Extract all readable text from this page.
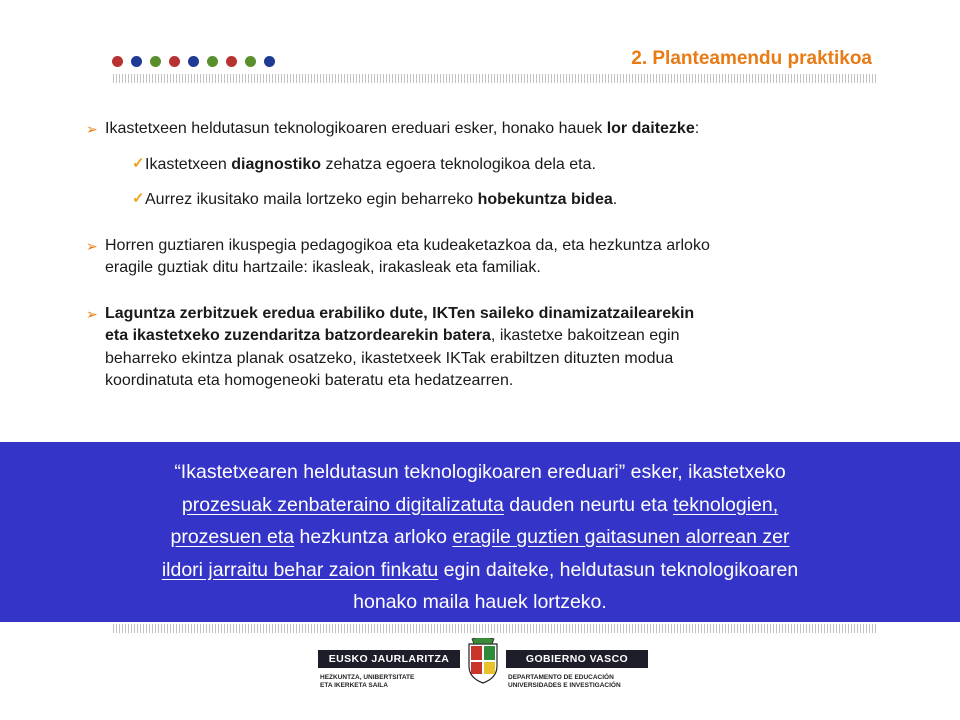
2. Planteamendu praktikoa

➢ Ikastetxeen heldutasun teknologikoaren ereduari esker, honako hauek lor daitezke:

✓ Ikastetxeen diagnostiko zehatza egoera teknologikoa dela eta.

✓ Aurrez ikusitako maila lortzeko egin beharreko hobekuntza bidea.

➢ Horren guztiaren ikuspegia pedagogikoa eta kudeaketazkoa da, eta hezkuntza arloko
eragile guztiak ditu hartzaile: ikasleak, irakasleak eta familiak.

➢ Laguntza zerbitzuek eredua erabiliko dute, IKTen saileko dinamizatzailearekin
eta ikastetxeko zuzendaritza batzordearekin batera, ikastetxe bakoitzean egin
beharreko ekintza planak osatzeko, ikastetxeek IKTak erabiltzen dituzten modua
koordinatuta eta homogeneoki bateratu eta hedatzearren.

“Ikastetxearen heldutasun teknologikoaren ereduari” esker, ikastetxeko
prozesuak zenbateraino digitalizatuta dauden neurtu eta teknologien,
prozesuen eta hezkuntza arloko eragile guztien gaitasunen alorrean zer
ildori jarraitu behar zaion finkatu egin daiteke, heldutasun teknologikoaren
honako maila hauek lortzeko.
EUSKO JAURLARITZA
HEZKUNTZA, UNIBERTSITATE
ETA IKERKETA SAILA
GOBIERNO VASCO
DEPARTAMENTO DE EDUCACIÓN
UNIVERSIDADES E INVESTIGACIÓN
